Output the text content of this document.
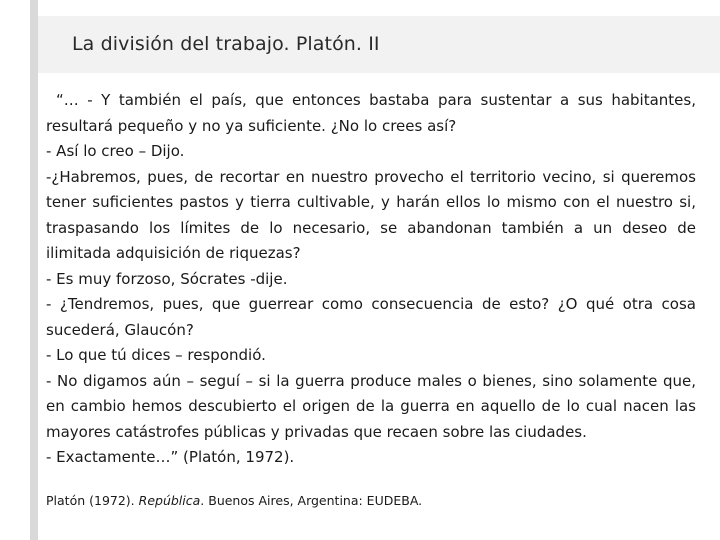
La división del trabajo. Platón. II

“… - Y también el país, que entonces bastaba para sustentar a sus habitantes, resultará pequeño y no ya suficiente. ¿No lo crees así?

- Así lo creo – Dijo.

-¿Habremos, pues, de recortar en nuestro provecho el territorio vecino, si queremos tener suficientes pastos y tierra cultivable, y harán ellos lo mismo con el nuestro si, traspasando los límites de lo necesario, se abandonan también a un deseo de ilimitada adquisición de riquezas?

- Es muy forzoso, Sócrates -dije.

- ¿Tendremos, pues, que guerrear como consecuencia de esto? ¿O qué otra cosa sucederá, Glaucón?

- Lo que tú dices – respondió.

- No digamos aún – seguí – si la guerra produce males o bienes, sino solamente que, en cambio hemos descubierto el origen de la guerra en aquello de lo cual nacen las mayores catástrofes públicas y privadas que recaen sobre las ciudades.

- Exactamente…” (Platón, 1972).

Platón (1972). República. Buenos Aires, Argentina: EUDEBA.
